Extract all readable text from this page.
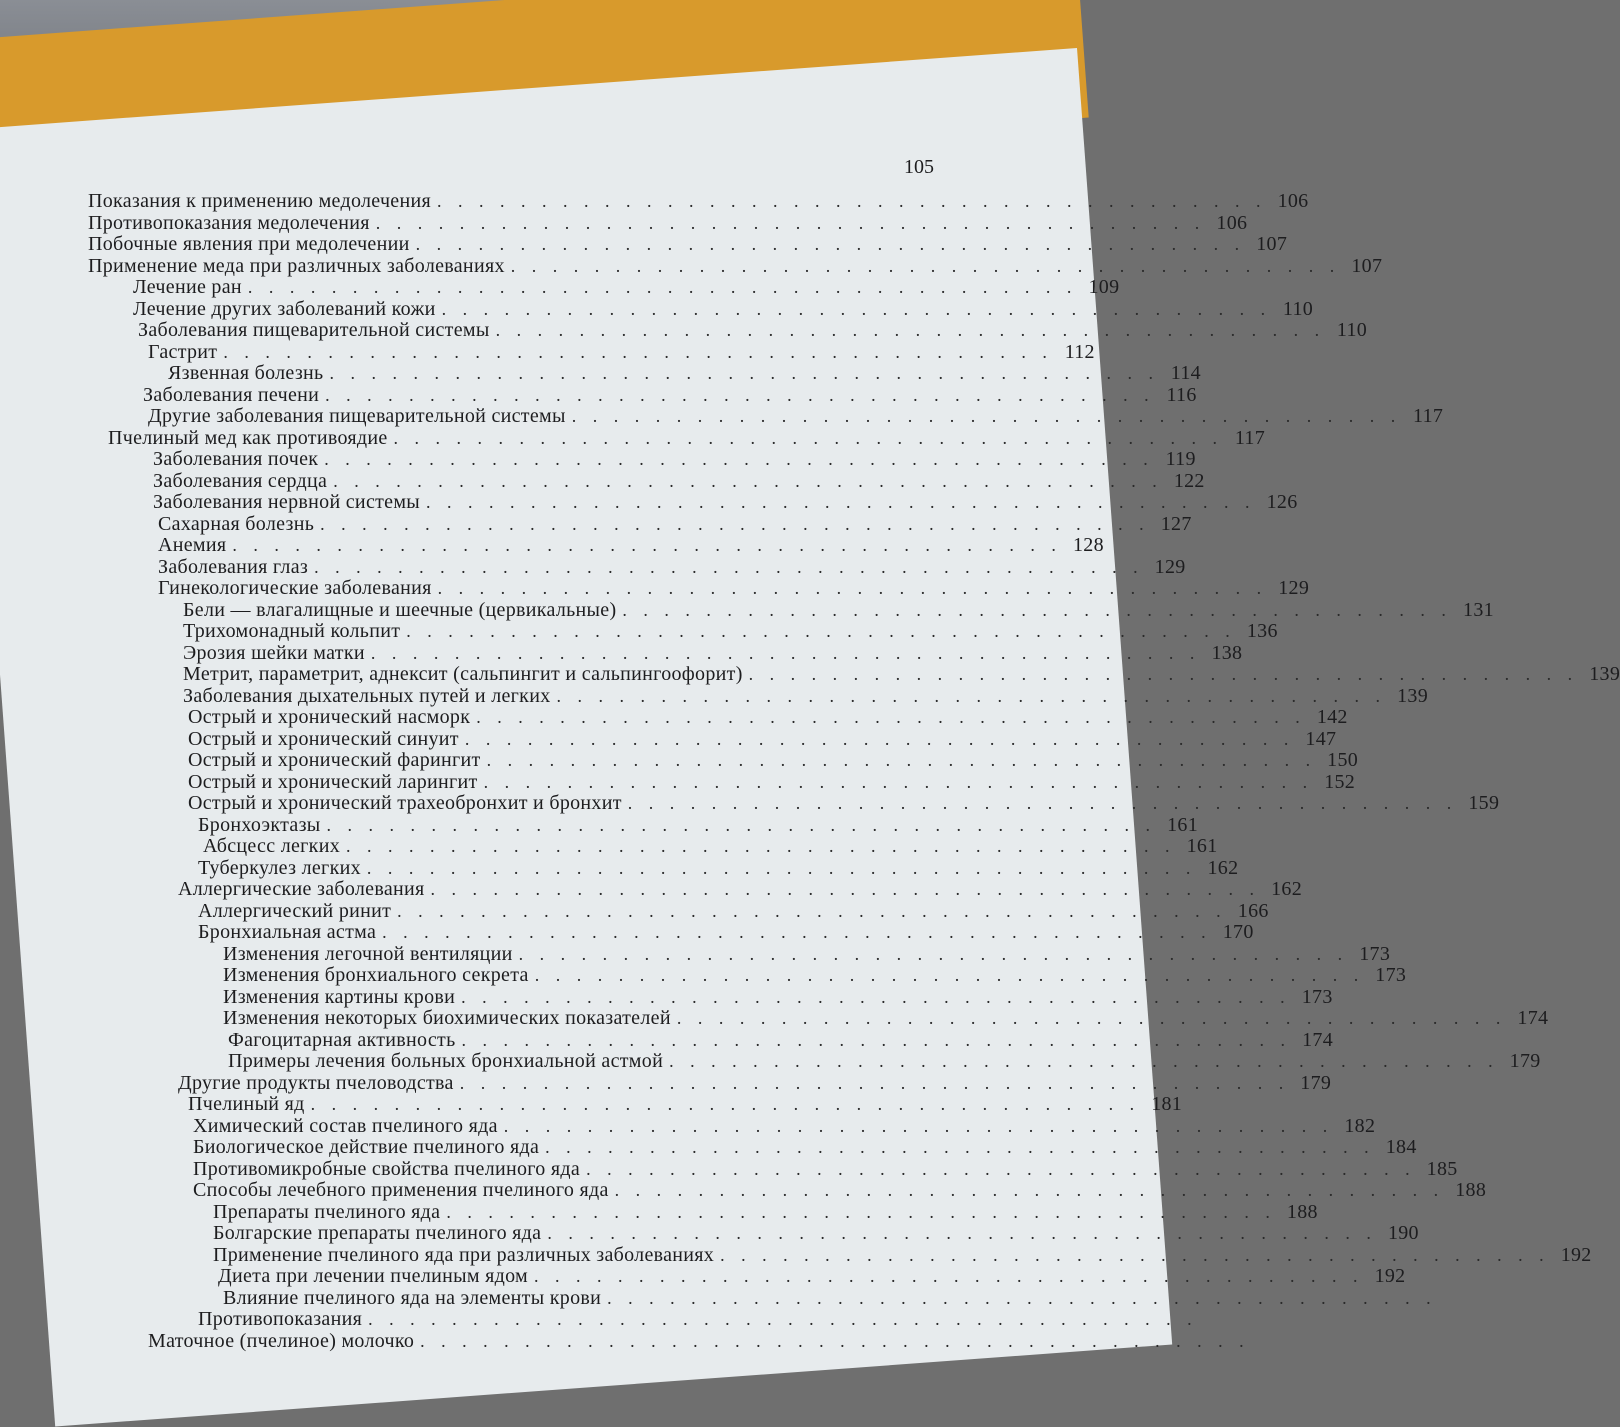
105
Показания к применению медолечения . . . . . . . . . . . . . . . . . . . . . . . . . . . . . . . . . . . . . . . . 106
Противопоказания медолечения . . . . . . . . . . . . . . . . . . . . . . . . . . . . . . . . . . . . . . . . 106
Побочные явления при медолечении . . . . . . . . . . . . . . . . . . . . . . . . . . . . . . . . . . . . . . . . 107
Применение меда при различных заболеваниях . . . . . . . . . . . . . . . . . . . . . . . . . . . . . . . . . . . . . . . . 107
Лечение ран . . . . . . . . . . . . . . . . . . . . . . . . . . . . . . . . . . . . . . . . 109
Лечение других заболеваний кожи . . . . . . . . . . . . . . . . . . . . . . . . . . . . . . . . . . . . . . . . 110
Заболевания пищеварительной системы . . . . . . . . . . . . . . . . . . . . . . . . . . . . . . . . . . . . . . . . 110
Гастрит . . . . . . . . . . . . . . . . . . . . . . . . . . . . . . . . . . . . . . . . 112
Язвенная болезнь . . . . . . . . . . . . . . . . . . . . . . . . . . . . . . . . . . . . . . . . 114
Заболевания печени . . . . . . . . . . . . . . . . . . . . . . . . . . . . . . . . . . . . . . . . 116
Другие заболевания пищеварительной системы . . . . . . . . . . . . . . . . . . . . . . . . . . . . . . . . . . . . . . . . 117
Пчелиный мед как противоядие . . . . . . . . . . . . . . . . . . . . . . . . . . . . . . . . . . . . . . . . 117
Заболевания почек . . . . . . . . . . . . . . . . . . . . . . . . . . . . . . . . . . . . . . . . 119
Заболевания сердца . . . . . . . . . . . . . . . . . . . . . . . . . . . . . . . . . . . . . . . . 122
Заболевания нервной системы . . . . . . . . . . . . . . . . . . . . . . . . . . . . . . . . . . . . . . . . 126
Сахарная болезнь . . . . . . . . . . . . . . . . . . . . . . . . . . . . . . . . . . . . . . . . 127
Анемия . . . . . . . . . . . . . . . . . . . . . . . . . . . . . . . . . . . . . . . . 128
Заболевания глаз . . . . . . . . . . . . . . . . . . . . . . . . . . . . . . . . . . . . . . . . 129
Гинекологические заболевания . . . . . . . . . . . . . . . . . . . . . . . . . . . . . . . . . . . . . . . . 129
Бели — влагалищные и шеечные (цервикальные) . . . . . . . . . . . . . . . . . . . . . . . . . . . . . . . . . . . . . . . . 131
Трихомонадный кольпит . . . . . . . . . . . . . . . . . . . . . . . . . . . . . . . . . . . . . . . . 136
Эрозия шейки матки . . . . . . . . . . . . . . . . . . . . . . . . . . . . . . . . . . . . . . . . 138
Метрит, параметрит, аднексит (сальпингит и сальпингоофорит) . . . . . . . . . . . . . . . . . . . . . . . . . . . . . . . . . . . . . . . . 139
Заболевания дыхательных путей и легких . . . . . . . . . . . . . . . . . . . . . . . . . . . . . . . . . . . . . . . . 139
Острый и хронический насморк . . . . . . . . . . . . . . . . . . . . . . . . . . . . . . . . . . . . . . . . 142
Острый и хронический синуит . . . . . . . . . . . . . . . . . . . . . . . . . . . . . . . . . . . . . . . . 147
Острый и хронический фарингит . . . . . . . . . . . . . . . . . . . . . . . . . . . . . . . . . . . . . . . . 150
Острый и хронический ларингит . . . . . . . . . . . . . . . . . . . . . . . . . . . . . . . . . . . . . . . . 152
Острый и хронический трахеобронхит и бронхит . . . . . . . . . . . . . . . . . . . . . . . . . . . . . . . . . . . . . . . . 159
Бронхоэктазы . . . . . . . . . . . . . . . . . . . . . . . . . . . . . . . . . . . . . . . . 161
Абсцесс легких . . . . . . . . . . . . . . . . . . . . . . . . . . . . . . . . . . . . . . . . 161
Туберкулез легких . . . . . . . . . . . . . . . . . . . . . . . . . . . . . . . . . . . . . . . . 162
Аллергические заболевания . . . . . . . . . . . . . . . . . . . . . . . . . . . . . . . . . . . . . . . . 162
Аллергический ринит . . . . . . . . . . . . . . . . . . . . . . . . . . . . . . . . . . . . . . . . 166
Бронхиальная астма . . . . . . . . . . . . . . . . . . . . . . . . . . . . . . . . . . . . . . . . 170
Изменения легочной вентиляции . . . . . . . . . . . . . . . . . . . . . . . . . . . . . . . . . . . . . . . . 173
Изменения бронхиального секрета . . . . . . . . . . . . . . . . . . . . . . . . . . . . . . . . . . . . . . . . 173
Изменения картины крови . . . . . . . . . . . . . . . . . . . . . . . . . . . . . . . . . . . . . . . . 173
Изменения некоторых биохимических показателей . . . . . . . . . . . . . . . . . . . . . . . . . . . . . . . . . . . . . . . . 174
Фагоцитарная активность . . . . . . . . . . . . . . . . . . . . . . . . . . . . . . . . . . . . . . . . 174
Примеры лечения больных бронхиальной астмой . . . . . . . . . . . . . . . . . . . . . . . . . . . . . . . . . . . . . . . . 179
Другие продукты пчеловодства . . . . . . . . . . . . . . . . . . . . . . . . . . . . . . . . . . . . . . . . 179
Пчелиный яд . . . . . . . . . . . . . . . . . . . . . . . . . . . . . . . . . . . . . . . . 181
Химический состав пчелиного яда . . . . . . . . . . . . . . . . . . . . . . . . . . . . . . . . . . . . . . . . 182
Биологическое действие пчелиного яда . . . . . . . . . . . . . . . . . . . . . . . . . . . . . . . . . . . . . . . . 184
Противомикробные свойства пчелиного яда . . . . . . . . . . . . . . . . . . . . . . . . . . . . . . . . . . . . . . . . 185
Способы лечебного применения пчелиного яда . . . . . . . . . . . . . . . . . . . . . . . . . . . . . . . . . . . . . . . . 188
Препараты пчелиного яда . . . . . . . . . . . . . . . . . . . . . . . . . . . . . . . . . . . . . . . . 188
Болгарские препараты пчелиного яда . . . . . . . . . . . . . . . . . . . . . . . . . . . . . . . . . . . . . . . . 190
Применение пчелиного яда при различных заболеваниях . . . . . . . . . . . . . . . . . . . . . . . . . . . . . . . . . . . . . . . . 192
Диета при лечении пчелиным ядом . . . . . . . . . . . . . . . . . . . . . . . . . . . . . . . . . . . . . . . . 192
Влияние пчелиного яда на элементы крови . . . . . . . . . . . . . . . . . . . . . . . . . . . . . . . . . . . . . . . .
Противопоказания . . . . . . . . . . . . . . . . . . . . . . . . . . . . . . . . . . . . . . . .
Маточное (пчелиное) молочко . . . . . . . . . . . . . . . . . . . . . . . . . . . . . . . . . . . . . . . .
